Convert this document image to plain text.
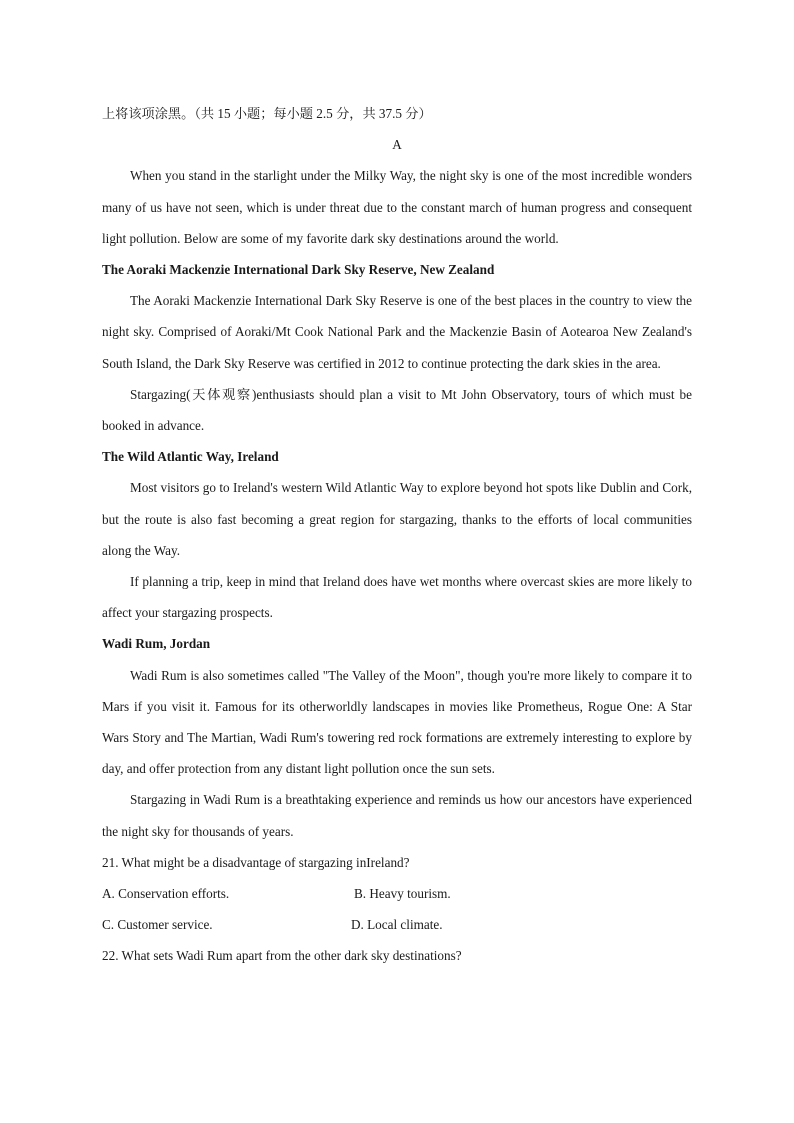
上将该项涂黑。（共 15 小题；每小题 2.5 分，共 37.5 分）

A

When you stand in the starlight under the Milky Way, the night sky is one of the most incredible wonders many of us have not seen, which is under threat due to the constant march of human progress and consequent light pollution. Below are some of my favorite dark sky destinations around the world.

The Aoraki Mackenzie International Dark Sky Reserve, New Zealand

The Aoraki Mackenzie International Dark Sky Reserve is one of the best places in the country to view the night sky. Comprised of Aoraki/Mt Cook National Park and the Mackenzie Basin of Aotearoa New Zealand's South Island, the Dark Sky Reserve was certified in 2012 to continue protecting the dark skies in the area.

Stargazing(天体观察)enthusiasts should plan a visit to Mt John Observatory, tours of which must be booked in advance.

The Wild Atlantic Way, Ireland

Most visitors go to Ireland's western Wild Atlantic Way to explore beyond hot spots like Dublin and Cork, but the route is also fast becoming a great region for stargazing, thanks to the efforts of local communities along the Way.

If planning a trip, keep in mind that Ireland does have wet months where overcast skies are more likely to affect your stargazing prospects.

Wadi Rum, Jordan

Wadi Rum is also sometimes called "The Valley of the Moon", though you're more likely to compare it to Mars if you visit it. Famous for its otherworldly landscapes in movies like Prometheus, Rogue One: A Star Wars Story and The Martian, Wadi Rum's towering red rock formations are extremely interesting to explore by day, and offer protection from any distant light pollution once the sun sets.

Stargazing in Wadi Rum is a breathtaking experience and reminds us how our ancestors have experienced the night sky for thousands of years.

21. What might be a disadvantage of stargazing inIreland?

A. Conservation efforts.	B. Heavy tourism.
C. Customer service.	D. Local climate.

22. What sets Wadi Rum apart from the other dark sky destinations?
